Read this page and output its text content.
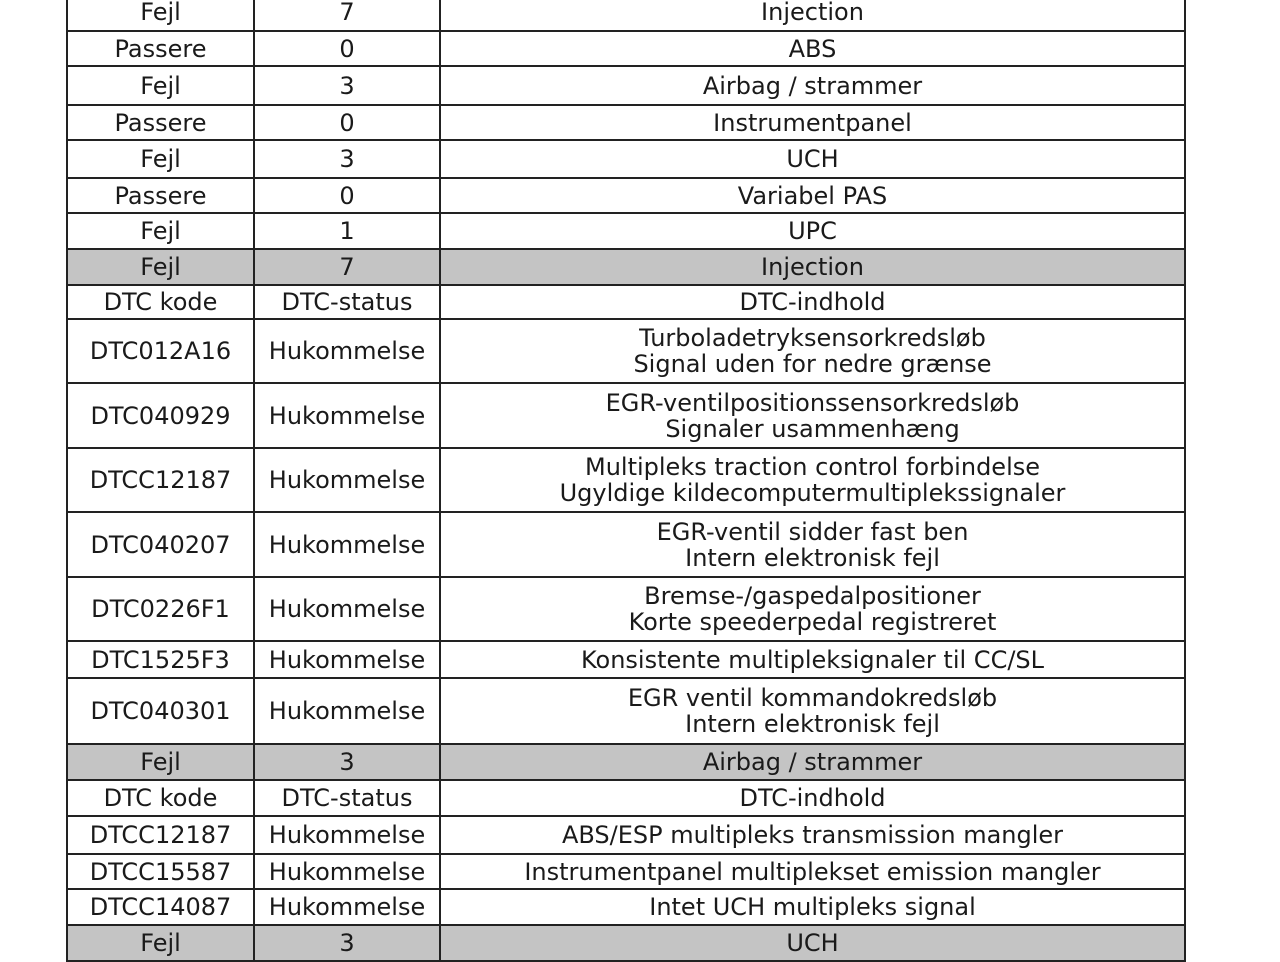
Fejl	7	Injection
Passere	0	ABS
Fejl	3	Airbag / strammer
Passere	0	Instrumentpanel
Fejl	3	UCH
Passere	0	Variabel PAS
Fejl	1	UPC
Fejl	7	Injection
DTC kode	DTC-status	DTC-indhold
DTC012A16	Hukommelse	Turboladetryksensorkredsløb
Signal uden for nedre grænse

DTC040929	Hukommelse	EGR-ventilpositionssensorkredsløb
Signaler usammenhæng

DTCC12187	Hukommelse	Multipleks traction control forbindelse
Ugyldige kildecomputermultiplekssignaler

DTC040207	Hukommelse	EGR-ventil sidder fast ben
Intern elektronisk fejl

DTC0226F1	Hukommelse	Bremse-/gaspedalpositioner
Korte speederpedal registreret

DTC1525F3	Hukommelse	Konsistente multipleksignaler til CC/SL

DTC040301	Hukommelse	EGR ventil kommandokredsløb
Intern elektronisk fejl

Fejl	3	Airbag / strammer
DTC kode	DTC-status	DTC-indhold
DTCC12187	Hukommelse	ABS/ESP multipleks transmission mangler
DTCC15587	Hukommelse	Instrumentpanel multiplekset emission mangler
DTCC14087	Hukommelse	Intet UCH multipleks signal
Fejl	3	UCH
